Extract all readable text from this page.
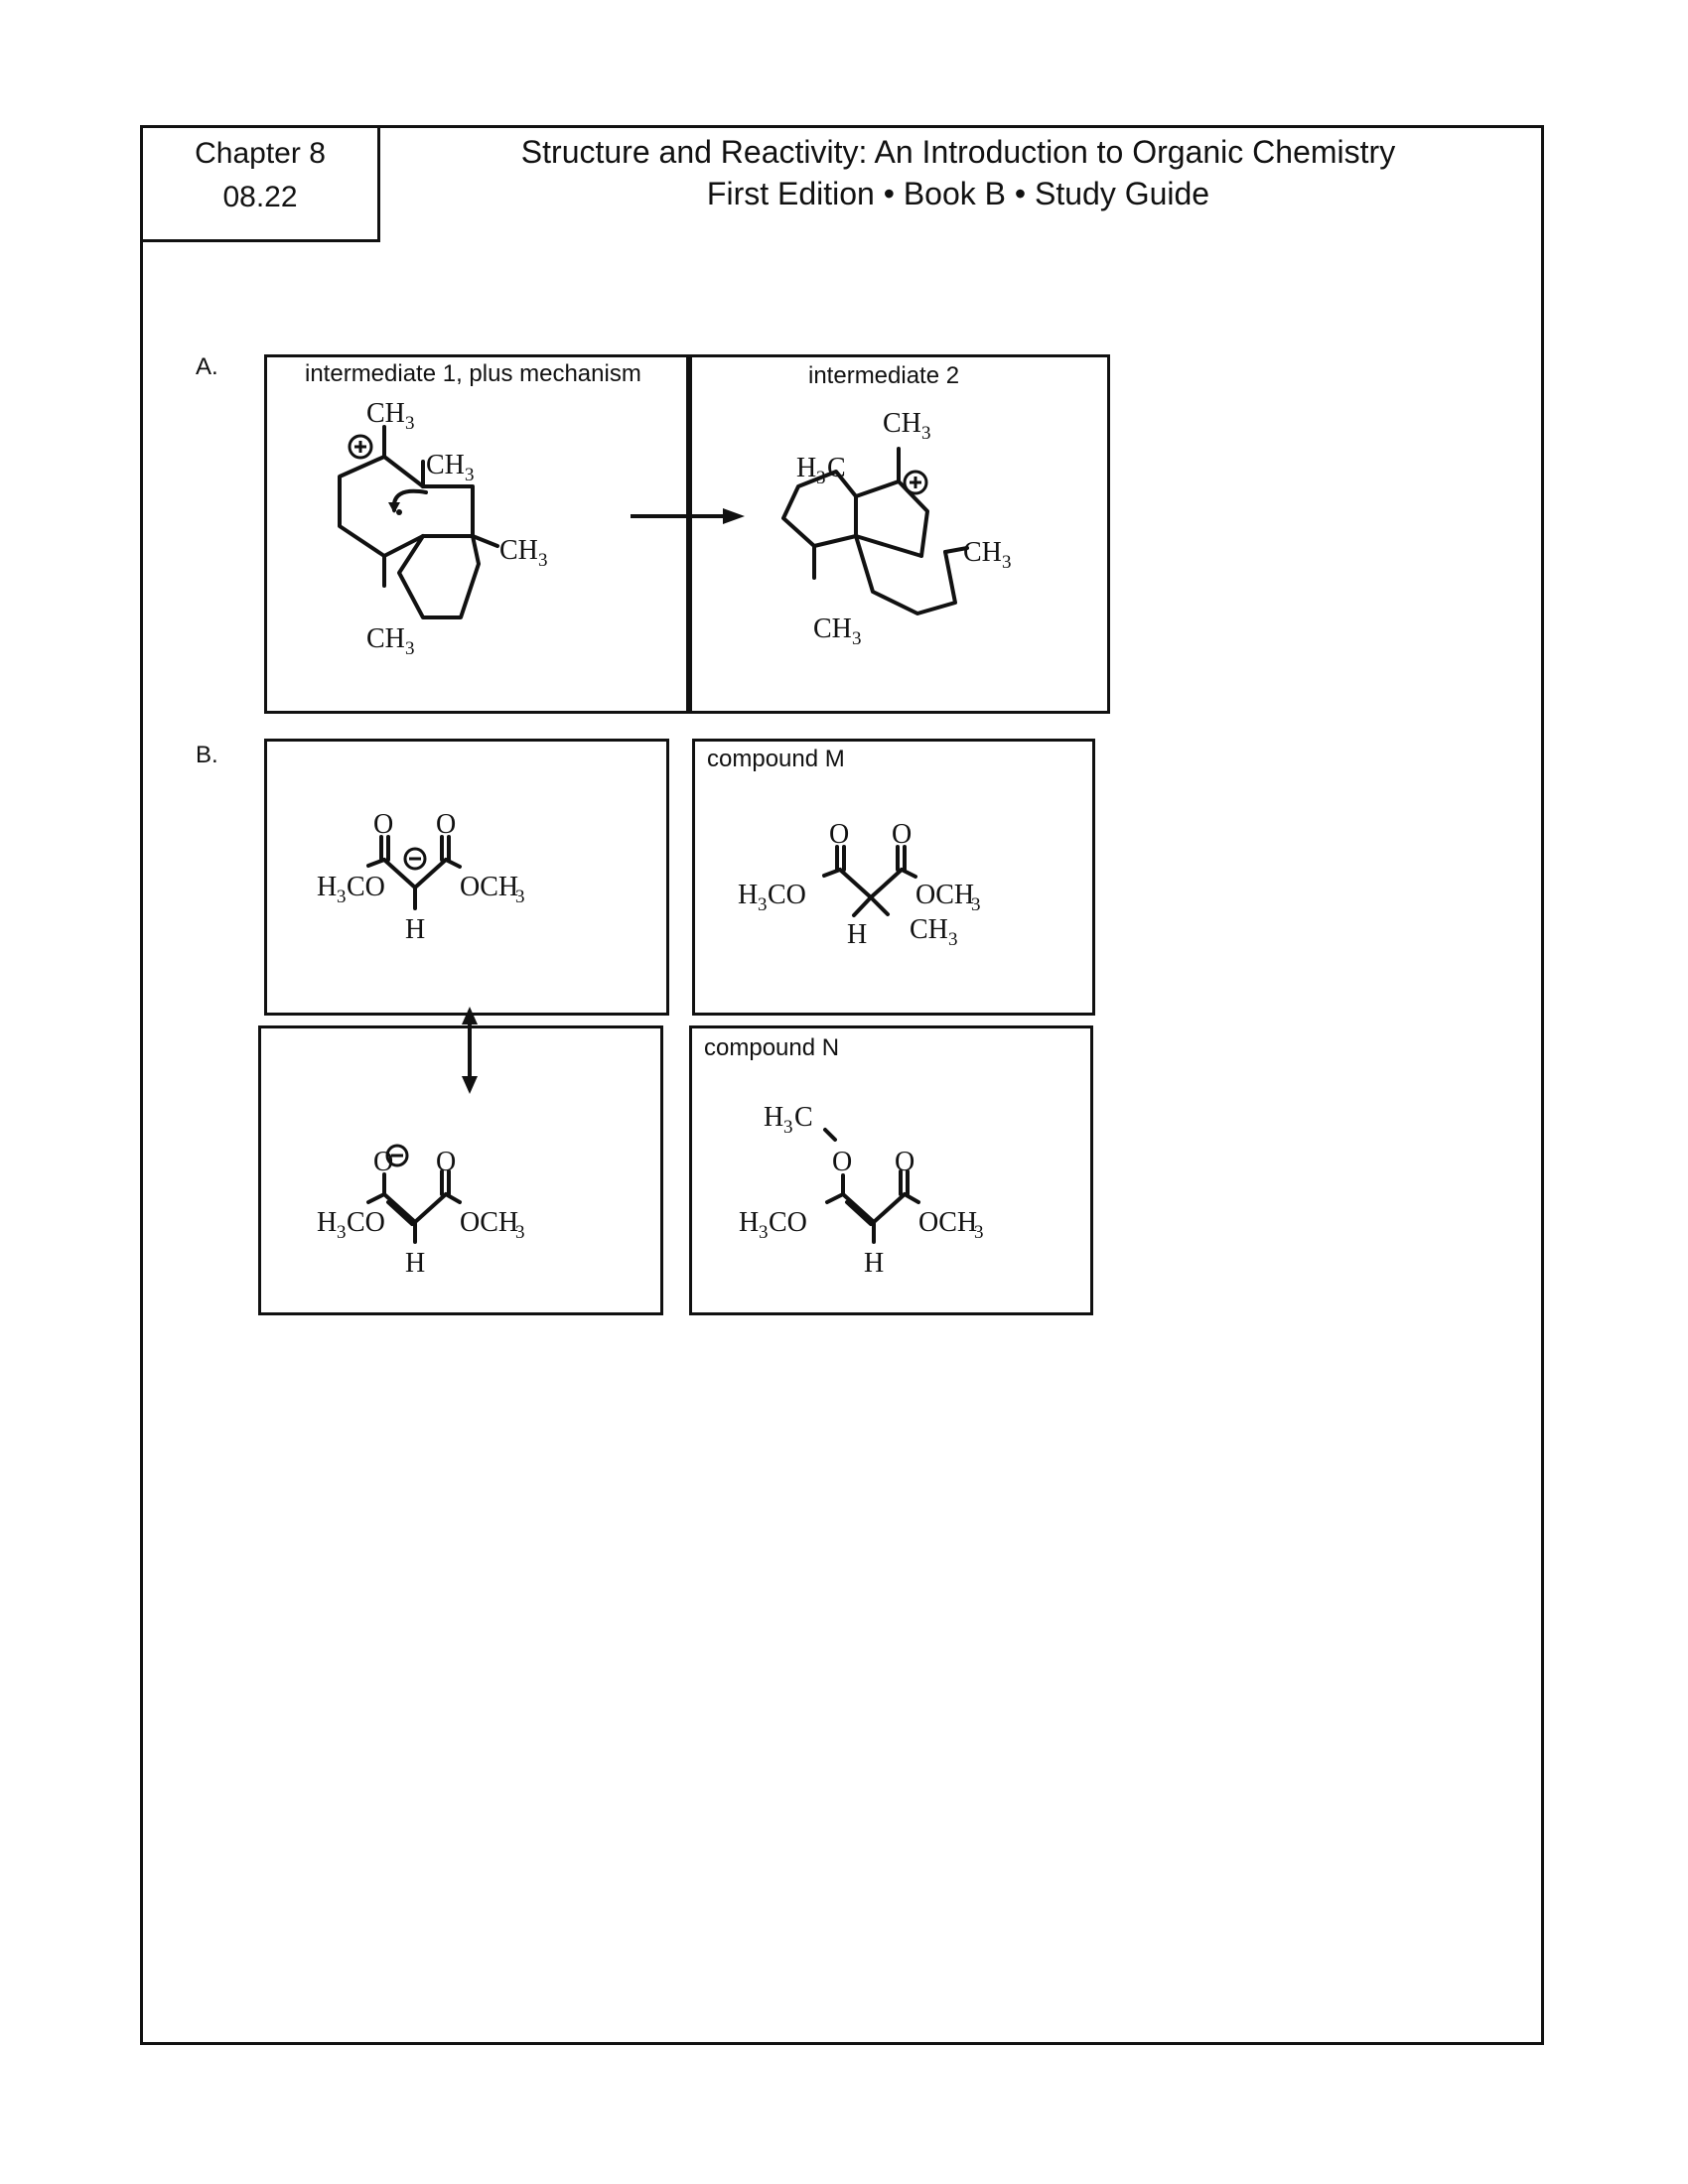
Chapter 8
08.22
Structure and Reactivity: An Introduction to Organic Chemistry
First Edition • Book B • Study Guide
A.	intermediate 1, plus mechanism
CH 3
CH 3
CH 3
CH 3
intermediate 2
CH 3
H 3 C
CH 3
CH 3
B.
O O
H 3 CO	OCH
3
H
O O
H 3 CO	OCH
3
H
compound M
O O
H 3 CO	OCH
3
H CH 3
compound N
O O
H 3 C
H 3 CO	OCH
3
H
